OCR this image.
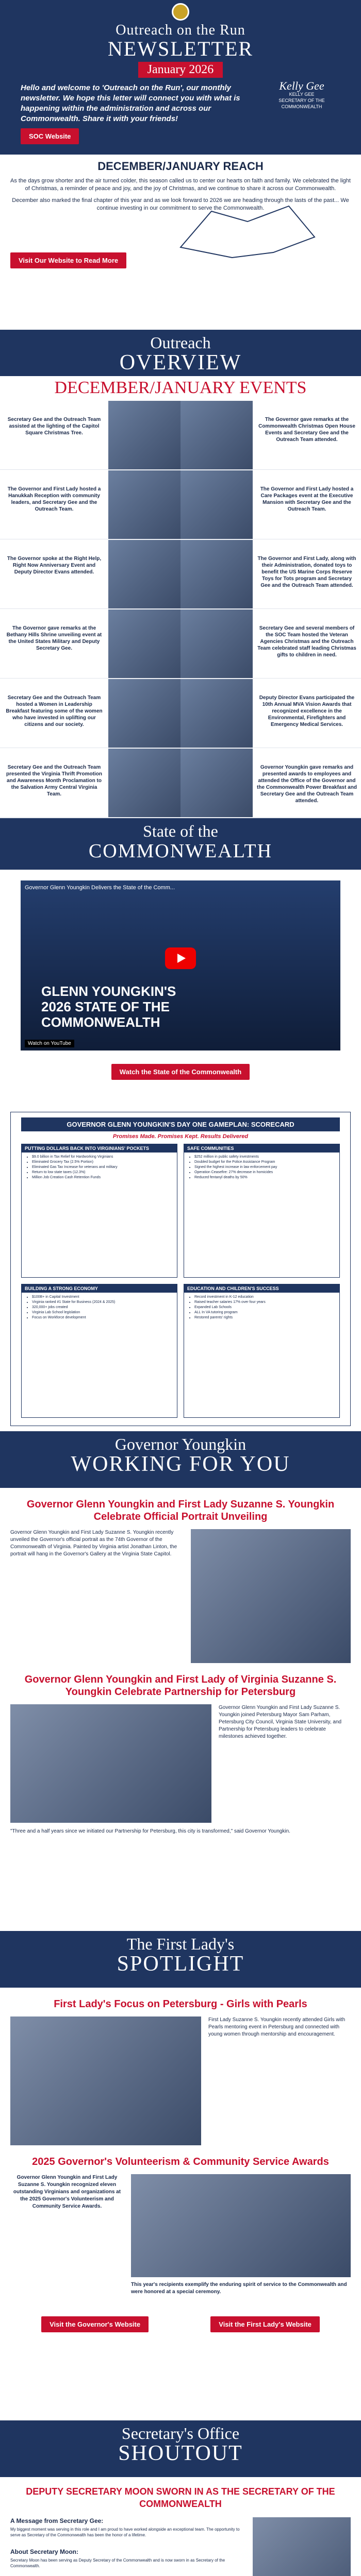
Outreach on the Run
NEWSLETTER
January 2026
Hello and welcome to 'Outreach on the Run', our monthly newsletter. We hope this letter will connect you with what is happening within the administration and across our Commonwealth. Share it with your friends!
Kelly Gee
KELLY GEE
SECRETARY OF THE COMMONWEALTH
SOC Website
DECEMBER/JANUARY REACH
As the days grow shorter and the air turned colder, this season called us to center our hearts on faith and family. We celebrated the light of Christmas, a reminder of peace and joy, and the joy of Christmas, and we continue to share it across our Commonwealth.
December also marked the final chapter of this year and as we look forward to 2026 we are heading through the lasts of the past... We continue investing in our commitment to serve the Commonwealth.
Visit Our Website to Read More
Outreach
OVERVIEW
DECEMBER/JANUARY EVENTS
Secretary Gee and the Outreach Team assisted at the lighting of the Capitol Square Christmas Tree.
The Governor gave remarks at the Commonwealth Christmas Open House Events and Secretary Gee and the Outreach Team attended.
The Governor and First Lady hosted a Hanukkah Reception with community leaders, and Secretary Gee and the Outreach Team.
The Governor and First Lady hosted a Care Packages event at the Executive Mansion with Secretary Gee and the Outreach Team.
The Governor spoke at the Right Help, Right Now Anniversary Event and Deputy Director Evans attended.
The Governor and First Lady, along with their Administration, donated toys to benefit the US Marine Corps Reserve Toys for Tots program and Secretary Gee and the Outreach Team attended.
The Governor gave remarks at the Bethany Hills Shrine unveiling event at the United States Military and Deputy Secretary Gee.
Secretary Gee and several members of the SOC Team hosted the Veteran Agencies Christmas and the Outreach Team celebrated staff leading Christmas gifts to children in need.
Secretary Gee and the Outreach Team hosted a Women in Leadership Breakfast featuring some of the women who have invested in uplifting our citizens and our society.
Deputy Director Evans participated the 10th Annual MVA Vision Awards that recognized excellence in the Environmental, Firefighters and Emergency Medical Services.
Secretary Gee and the Outreach Team presented the Virginia Thrift Promotion and Awareness Month Proclamation to the Salvation Army Central Virginia Team.
Governor Youngkin gave remarks and presented awards to employees and attended the Office of the Governor and the Commonwealth Power Breakfast and Secretary Gee and the Outreach Team attended.
State of the
COMMONWEALTH
Governor Glenn Youngkin Delivers the State of the Comm...
GLENN YOUNGKIN'S
2026 STATE OF THE
COMMONWEALTH
Watch on YouTube
Watch the State of the Commonwealth
GOVERNOR GLENN YOUNGKIN'S DAY ONE GAMEPLAN: SCORECARD
Promises Made. Promises Kept. Results Delivered
PUTTING DOLLARS BACK INTO VIRGINIANS' POCKETS
• $9.0 billion in Tax Relief for Hardworking Virginians
• Eliminated Grocery Tax (2.5% Portion)
• Eliminated Gas Tax Increase for veterans and military
• Return to low state taxes (12.3%)
• Million Job Creation Cash Retention Funds
SAFE COMMUNITIES
• $252 million in public safety investments
• Doubled budget for the Police Assistance Program
• Signed the highest increase in law enforcement pay
• Operation Ceasefire: 27% decrease in homicides
• Reduced fentanyl deaths by 50%
BUILDING A STRONG ECONOMY
• $100B+ in Capital Investment
• Virginia ranked #1 State for Business (2024 & 2025)
• 320,000+ jobs created
• Virginia Lab School legislation
• Focus on Workforce development
EDUCATION AND CHILDREN'S SUCCESS
• Record investment in K-12 education
• Raised teacher salaries 17% over four years
• Expanded Lab Schools
• ALL In VA tutoring program
• Restored parents' rights
Governor Youngkin
WORKING FOR YOU
Governor Glenn Youngkin and First Lady Suzanne S. Youngkin Celebrate Official Portrait Unveiling
Governor Glenn Youngkin and First Lady Suzanne S. Youngkin recently unveiled the Governor's official portrait as the 74th Governor of the Commonwealth of Virginia. Painted by Virginia artist Jonathan Linton, the portrait will hang in the Governor's Gallery at the Virginia State Capitol.
Governor Glenn Youngkin and First Lady of Virginia Suzanne S. Youngkin Celebrate Partnership for Petersburg
Governor Glenn Youngkin and First Lady Suzanne S. Youngkin joined Petersburg Mayor Sam Parham, Petersburg City Council, Virginia State University, and Partnership for Petersburg leaders to celebrate milestones achieved together.
"Three and a half years since we initiated our Partnership for Petersburg, this city is transformed," said Governor Youngkin.
The First Lady's
SPOTLIGHT
First Lady's Focus on Petersburg - Girls with Pearls
First Lady Suzanne S. Youngkin recently attended Girls with Pearls mentoring event in Petersburg and connected with young women through mentorship and encouragement.
2025 Governor's Volunteerism & Community Service Awards
Governor Glenn Youngkin and First Lady Suzanne S. Youngkin recognized eleven outstanding Virginians and organizations at the 2025 Governor's Volunteerism and Community Service Awards.
This year's recipients exemplify the enduring spirit of service to the Commonwealth and were honored at a special ceremony.
Visit the Governor's Website	Visit the First Lady's Website
Secretary's Office
SHOUTOUT
DEPUTY SECRETARY MOON SWORN IN AS THE SECRETARY OF THE COMMONWEALTH
A Message from Secretary Gee:
My biggest moment was serving in this role and I am proud to have worked alongside an exceptional team. The opportunity to serve as Secretary of the Commonwealth has been the honor of a lifetime.
About Secretary Moon:
Secretary Moon has been serving as Deputy Secretary of the Commonwealth and is now sworn in as Secretary of the Commonwealth.
